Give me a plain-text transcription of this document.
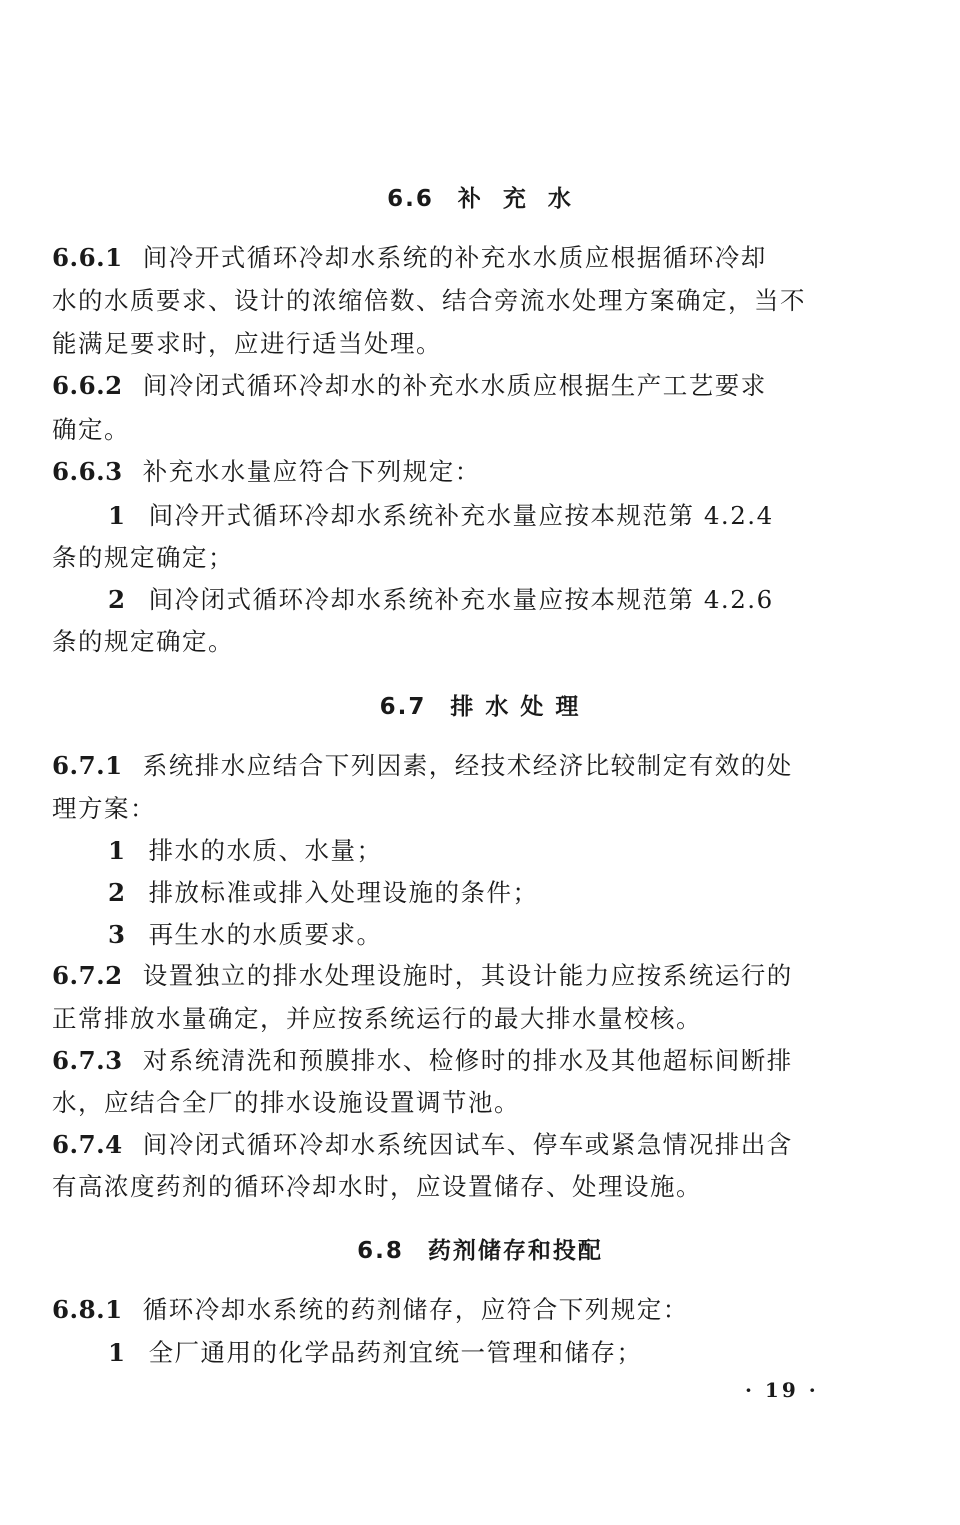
6.6 补  充  水
6.6.1 间冷开式循环冷却水系统的补充水水质应根据循环冷却
水的水质要求、设计的浓缩倍数、结合旁流水处理方案确定，当不
能满足要求时，应进行适当处理。
6.6.2 间冷闭式循环冷却水的补充水水质应根据生产工艺要求
确定。
6.6.3 补充水水量应符合下列规定：
1 间冷开式循环冷却水系统补充水量应按本规范第 4.2.4
条的规定确定；
2 间冷闭式循环冷却水系统补充水量应按本规范第 4.2.6
条的规定确定。
6.7 排 水 处 理
6.7.1 系统排水应结合下列因素，经技术经济比较制定有效的处
理方案：
1 排水的水质、水量；
2 排放标准或排入处理设施的条件；
3 再生水的水质要求。
6.7.2 设置独立的排水处理设施时，其设计能力应按系统运行的
正常排放水量确定，并应按系统运行的最大排水量校核。
6.7.3 对系统清洗和预膜排水、检修时的排水及其他超标间断排
水，应结合全厂的排水设施设置调节池。
6.7.4 间冷闭式循环冷却水系统因试车、停车或紧急情况排出含
有高浓度药剂的循环冷却水时，应设置储存、处理设施。
6.8 药剂储存和投配
6.8.1 循环冷却水系统的药剂储存，应符合下列规定：
1 全厂通用的化学品药剂宜统一管理和储存；
· 19 ·
